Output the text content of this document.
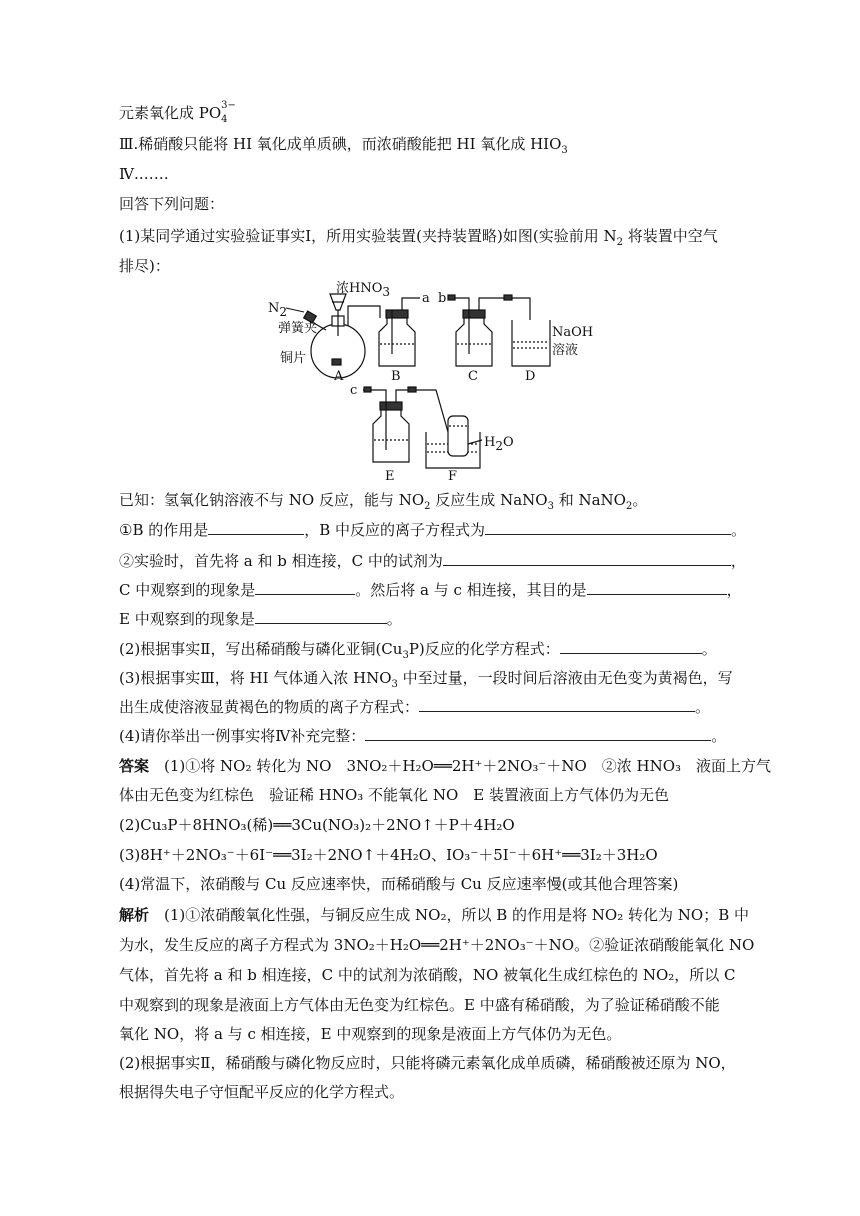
元素氧化成 PO 3−
4
Ⅲ.稀硝酸只能将 HI 氧化成单质碘，而浓硝酸能把 HI 氧化成 $HIO_3$
Ⅳ.……
回答下列问题：
(1)某同学通过实验验证事实Ⅰ，所用实验装置(夹持装置略)如图(实验前用 $N_2$ 将装置中空气
排尽)：
N2
浓HNO3
弹簧夹
铜片
a b
c
NaOH
溶液
H2O
A	B	C	D
E	F
已知：氢氧化钠溶液不与 NO 反应，能与 $NO_2$ 反应生成 NaNO$_3$ 和 NaNO$_2$。
①B 的作用是	，B 中反应的离子方程式为	。
②实验时，首先将 a 和 b 相连接，C 中的试剂为	，
C 中观察到的现象是	。然后将 a 与 c 相连接，其目的是	，
E 中观察到的现象是	。
(2)根据事实Ⅱ，写出稀硝酸与磷化亚铜$(Cu_3P)$反应的化学方程式：	。
(3)根据事实Ⅲ，将 HI 气体通入浓 $HNO_3$ 中至过量，一段时间后溶液由无色变为黄褐色，写
出生成使溶液显黄褐色的物质的离子方程式：	。
(4)请你举出一例事实将Ⅳ补充完整：	。
答案　 (1)①将 NO₂ 转化为 NO　3NO₂＋H₂O══2H⁺＋2NO₃⁻＋NO　②浓 HNO₃　液面上方气
体由无色变为红棕色　验证稀 HNO₃ 不能氧化 NO　E 装置液面上方气体仍为无色
(2)Cu₃P＋8HNO₃(稀)══3Cu(NO₃)₂＋2NO↑＋P＋4H₂O
(3)8H⁺＋2NO₃⁻＋6I⁻══3I₂＋2NO↑＋4H₂O、IO₃⁻＋5I⁻＋6H⁺══3I₂＋3H₂O
(4)常温下，浓硝酸与 Cu 反应速率快，而稀硝酸与 Cu 反应速率慢(或其他合理答案)
解析　 (1)①浓硝酸氧化性强，与铜反应生成 NO₂，所以 B 的作用是将 NO₂ 转化为 NO；B 中
为水，发生反应的离子方程式为 3NO₂＋H₂O══2H⁺＋2NO₃⁻＋NO。②验证浓硝酸能氧化 NO
气体，首先将 a 和 b 相连接，C 中的试剂为浓硝酸，NO 被氧化生成红棕色的 NO₂，所以 C
中观察到的现象是液面上方气体由无色变为红棕色。E 中盛有稀硝酸，为了验证稀硝酸不能
氧化 NO，将 a 与 c 相连接，E 中观察到的现象是液面上方气体仍为无色。
(2)根据事实Ⅱ，稀硝酸与磷化物反应时，只能将磷元素氧化成单质磷，稀硝酸被还原为 NO，
根据得失电子守恒配平反应的化学方程式。
